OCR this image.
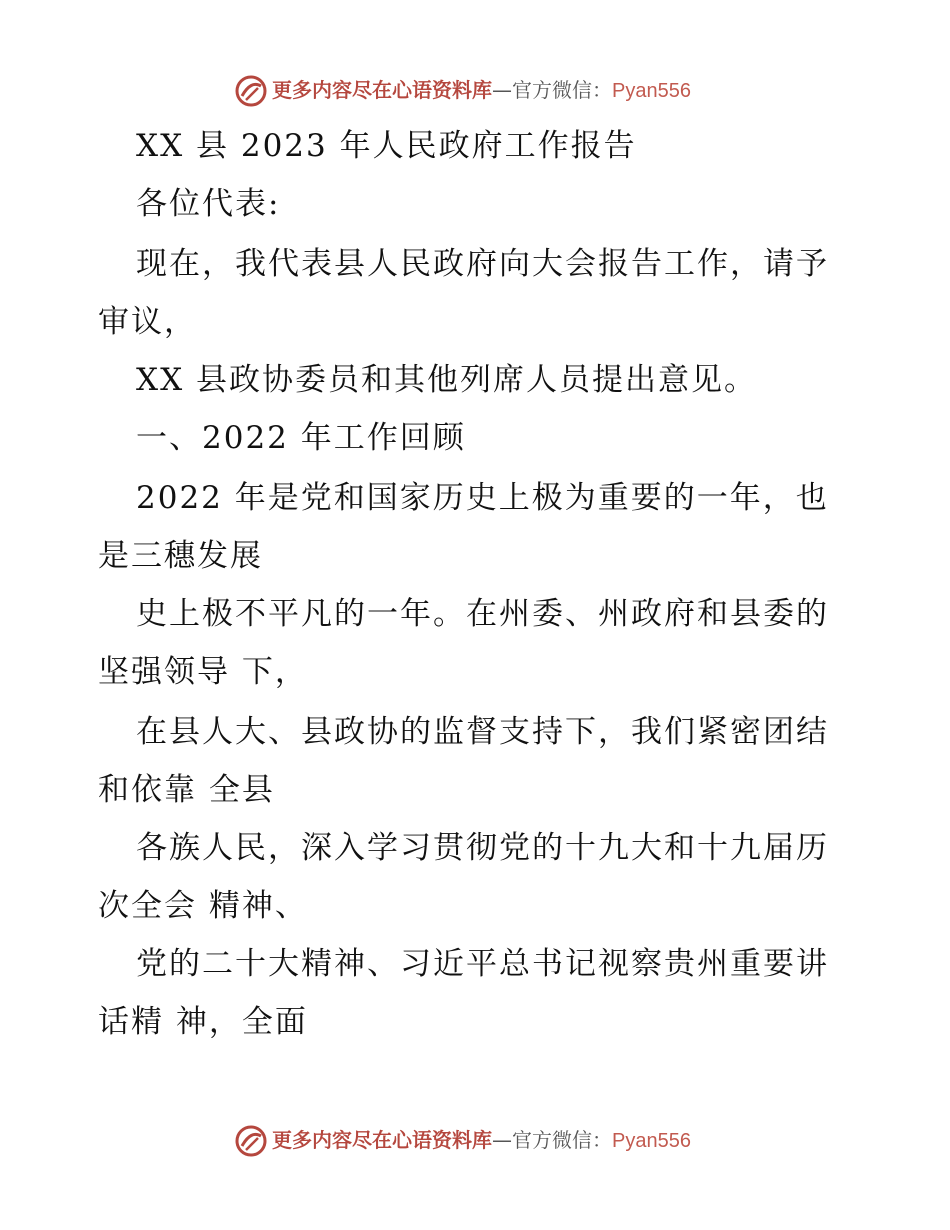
更多内容尽在心语资料库—官方微信：Pyan556
XX 县 2023 年人民政府工作报告
各位代表:
现在，我代表县人民政府向大会报告工作，请予
审议，
XX 县政协委员和其他列席人员提出意见。
一、2022 年工作回顾
2022 年是党和国家历史上极为重要的一年，也
是三穗发展
史上极不平凡的一年。在州委、州政府和县委的
坚强领导 下，
在县人大、县政协的监督支持下，我们紧密团结
和依靠 全县
各族人民，深入学习贯彻党的十九大和十九届历
次全会 精神、
党的二十大精神、习近平总书记视察贵州重要讲
话精 神，全面
更多内容尽在心语资料库—官方微信：Pyan556
